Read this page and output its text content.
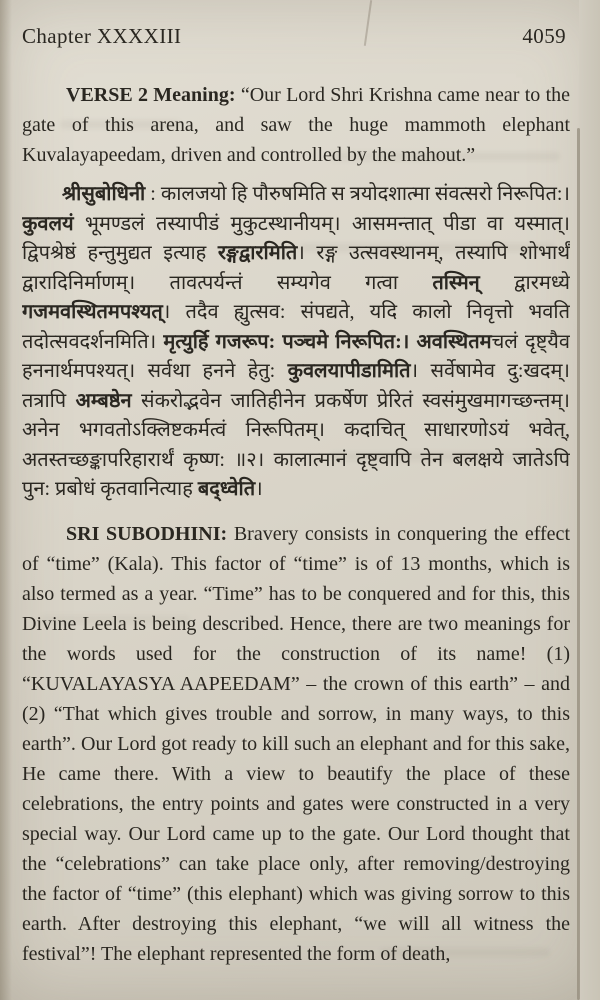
Chapter XXXXIII	4059

VERSE 2 Meaning: “Our Lord Shri Krishna came near to the gate of this arena, and saw the huge mammoth elephant Kuvalayapeedam, driven and controlled by the mahout.”

श्रीसुबोधिनी : कालजयो हि पौरुषमिति स त्रयोदशात्मा संवत्सरो निरूपित:। कुवलयं भूमण्डलं तस्यापीडं मुकुटस्थानीयम्। आसमन्तात् पीडा वा यस्मात्। द्विपश्रेष्ठं हन्तुमुद्यत इत्याह रङ्गद्वारमिति। रङ्ग उत्सवस्थानम्, तस्यापि शोभार्थं द्वारादिनिर्माणम्। तावत्पर्यन्तं सम्यगेव गत्वा तस्मिन् द्वारमध्ये गजमवस्थितमपश्यत्। तदैव ह्युत्सव: संपद्यते, यदि कालो निवृत्तो भवति तदोत्सवदर्शनमिति। मृत्युर्हि गजरूप: पञ्चमे निरूपित:। अवस्थितमचलं दृष्ट्यैव हननार्थमपश्यत्। सर्वथा हनने हेतु: कुवलयापीडामिति। सर्वेषामेव दु:खदम्। तत्रापि अम्बष्ठेन संकरोद्भवेन जातिहीनेन प्रकर्षेण प्रेरितं स्वसंमुखमागच्छन्तम्। अनेन भगवतोऽक्लिष्टकर्मत्वं निरूपितम्। कदाचित् साधारणोऽयं भवेत्, अतस्तच्छङ्कापरिहारार्थं कृष्ण: ॥२। कालात्मानं दृष्ट्वापि तेन बलक्षये जातेऽपि पुन: प्रबोधं कृतवानित्याह बद्ध्वेति।

SRI SUBODHINI: Bravery consists in conquering the effect of “time” (Kala). This factor of “time” is of 13 months, which is also termed as a year. “Time” has to be conquered and for this, this Divine Leela is being described. Hence, there are two meanings for the words used for the construction of its name! (1) “KUVALAYASYA AAPEEDAM” – the crown of this earth” – and (2) “That which gives trouble and sorrow, in many ways, to this earth”. Our Lord got ready to kill such an elephant and for this sake, He came there. With a view to beautify the place of these celebrations, the entry points and gates were constructed in a very special way. Our Lord came up to the gate. Our Lord thought that the “celebrations” can take place only, after removing/destroying the factor of “time” (this elephant) which was giving sorrow to this earth. After destroying this elephant, “we will all witness the festival”! The elephant represented the form of death,
